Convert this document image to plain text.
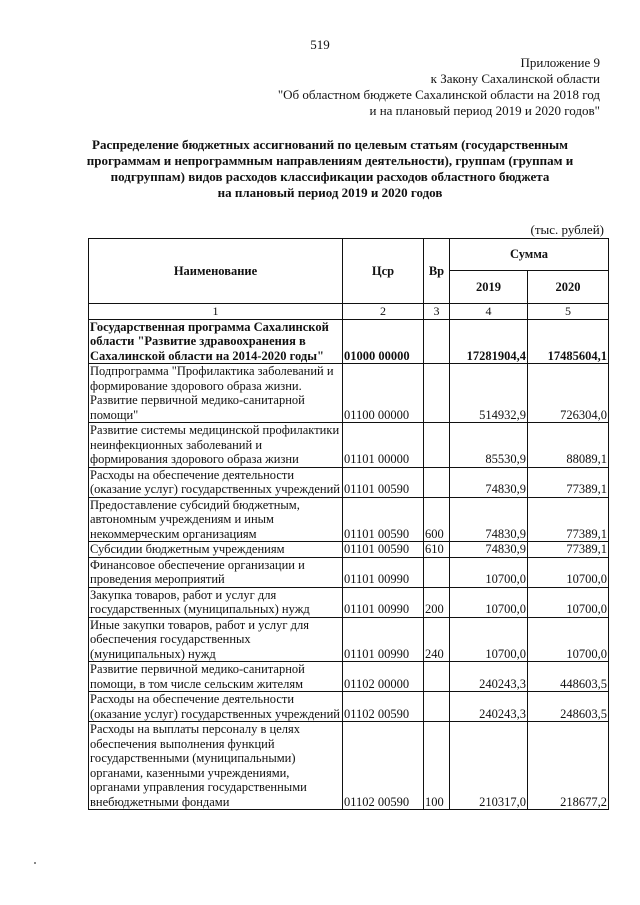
519
Приложение 9
к Закону Сахалинской области
"Об областном бюджете Сахалинской области на 2018 год
и на плановый период 2019 и 2020 годов"
Распределение бюджетных ассигнований по целевым статьям (государственным
программам и непрограммным направлениям деятельности), группам (группам и
подгруппам) видов расходов классификации расходов областного бюджета
на плановый период 2019 и 2020 годов
(тыс. рублей)
Наименование	Цср	Вр	Сумма	
			2019	2020
1	2	3	4	5
Государственная программа Сахалинской области "Развитие здравоохранения в Сахалинской области на 2014-2020 годы"	01000 00000		17281904,4	17485604,1
Подпрограмма "Профилактика заболеваний и формирование здорового образа жизни. Развитие первичной медико-санитарной помощи"	01100 00000		514932,9	726304,0
Развитие системы медицинской профилактики неинфекционных заболеваний и формирования здорового образа жизни	01101 00000		85530,9	88089,1
Расходы на обеспечение деятельности (оказание услуг) государственных учреждений	01101 00590		74830,9	77389,1
Предоставление субсидий бюджетным, автономным учреждениям и иным некоммерческим организациям	01101 00590	600	74830,9	77389,1
Субсидии бюджетным учреждениям	01101 00590	610	74830,9	77389,1
Финансовое обеспечение организации и проведения мероприятий	01101 00990		10700,0	10700,0
Закупка товаров, работ и услуг для государственных (муниципальных) нужд	01101 00990	200	10700,0	10700,0
Иные закупки товаров, работ и услуг для обеспечения государственных (муниципальных) нужд	01101 00990	240	10700,0	10700,0
Развитие первичной медико-санитарной помощи, в том числе сельским жителям	01102 00000		240243,3	448603,5
Расходы на обеспечение деятельности (оказание услуг) государственных учреждений	01102 00590		240243,3	248603,5
Расходы на выплаты персоналу в целях обеспечения выполнения функций государственными (муниципальными) органами, казенными учреждениями, органами управления государственными внебюджетными фондами	01102 00590	100	210317,0	218677,2
